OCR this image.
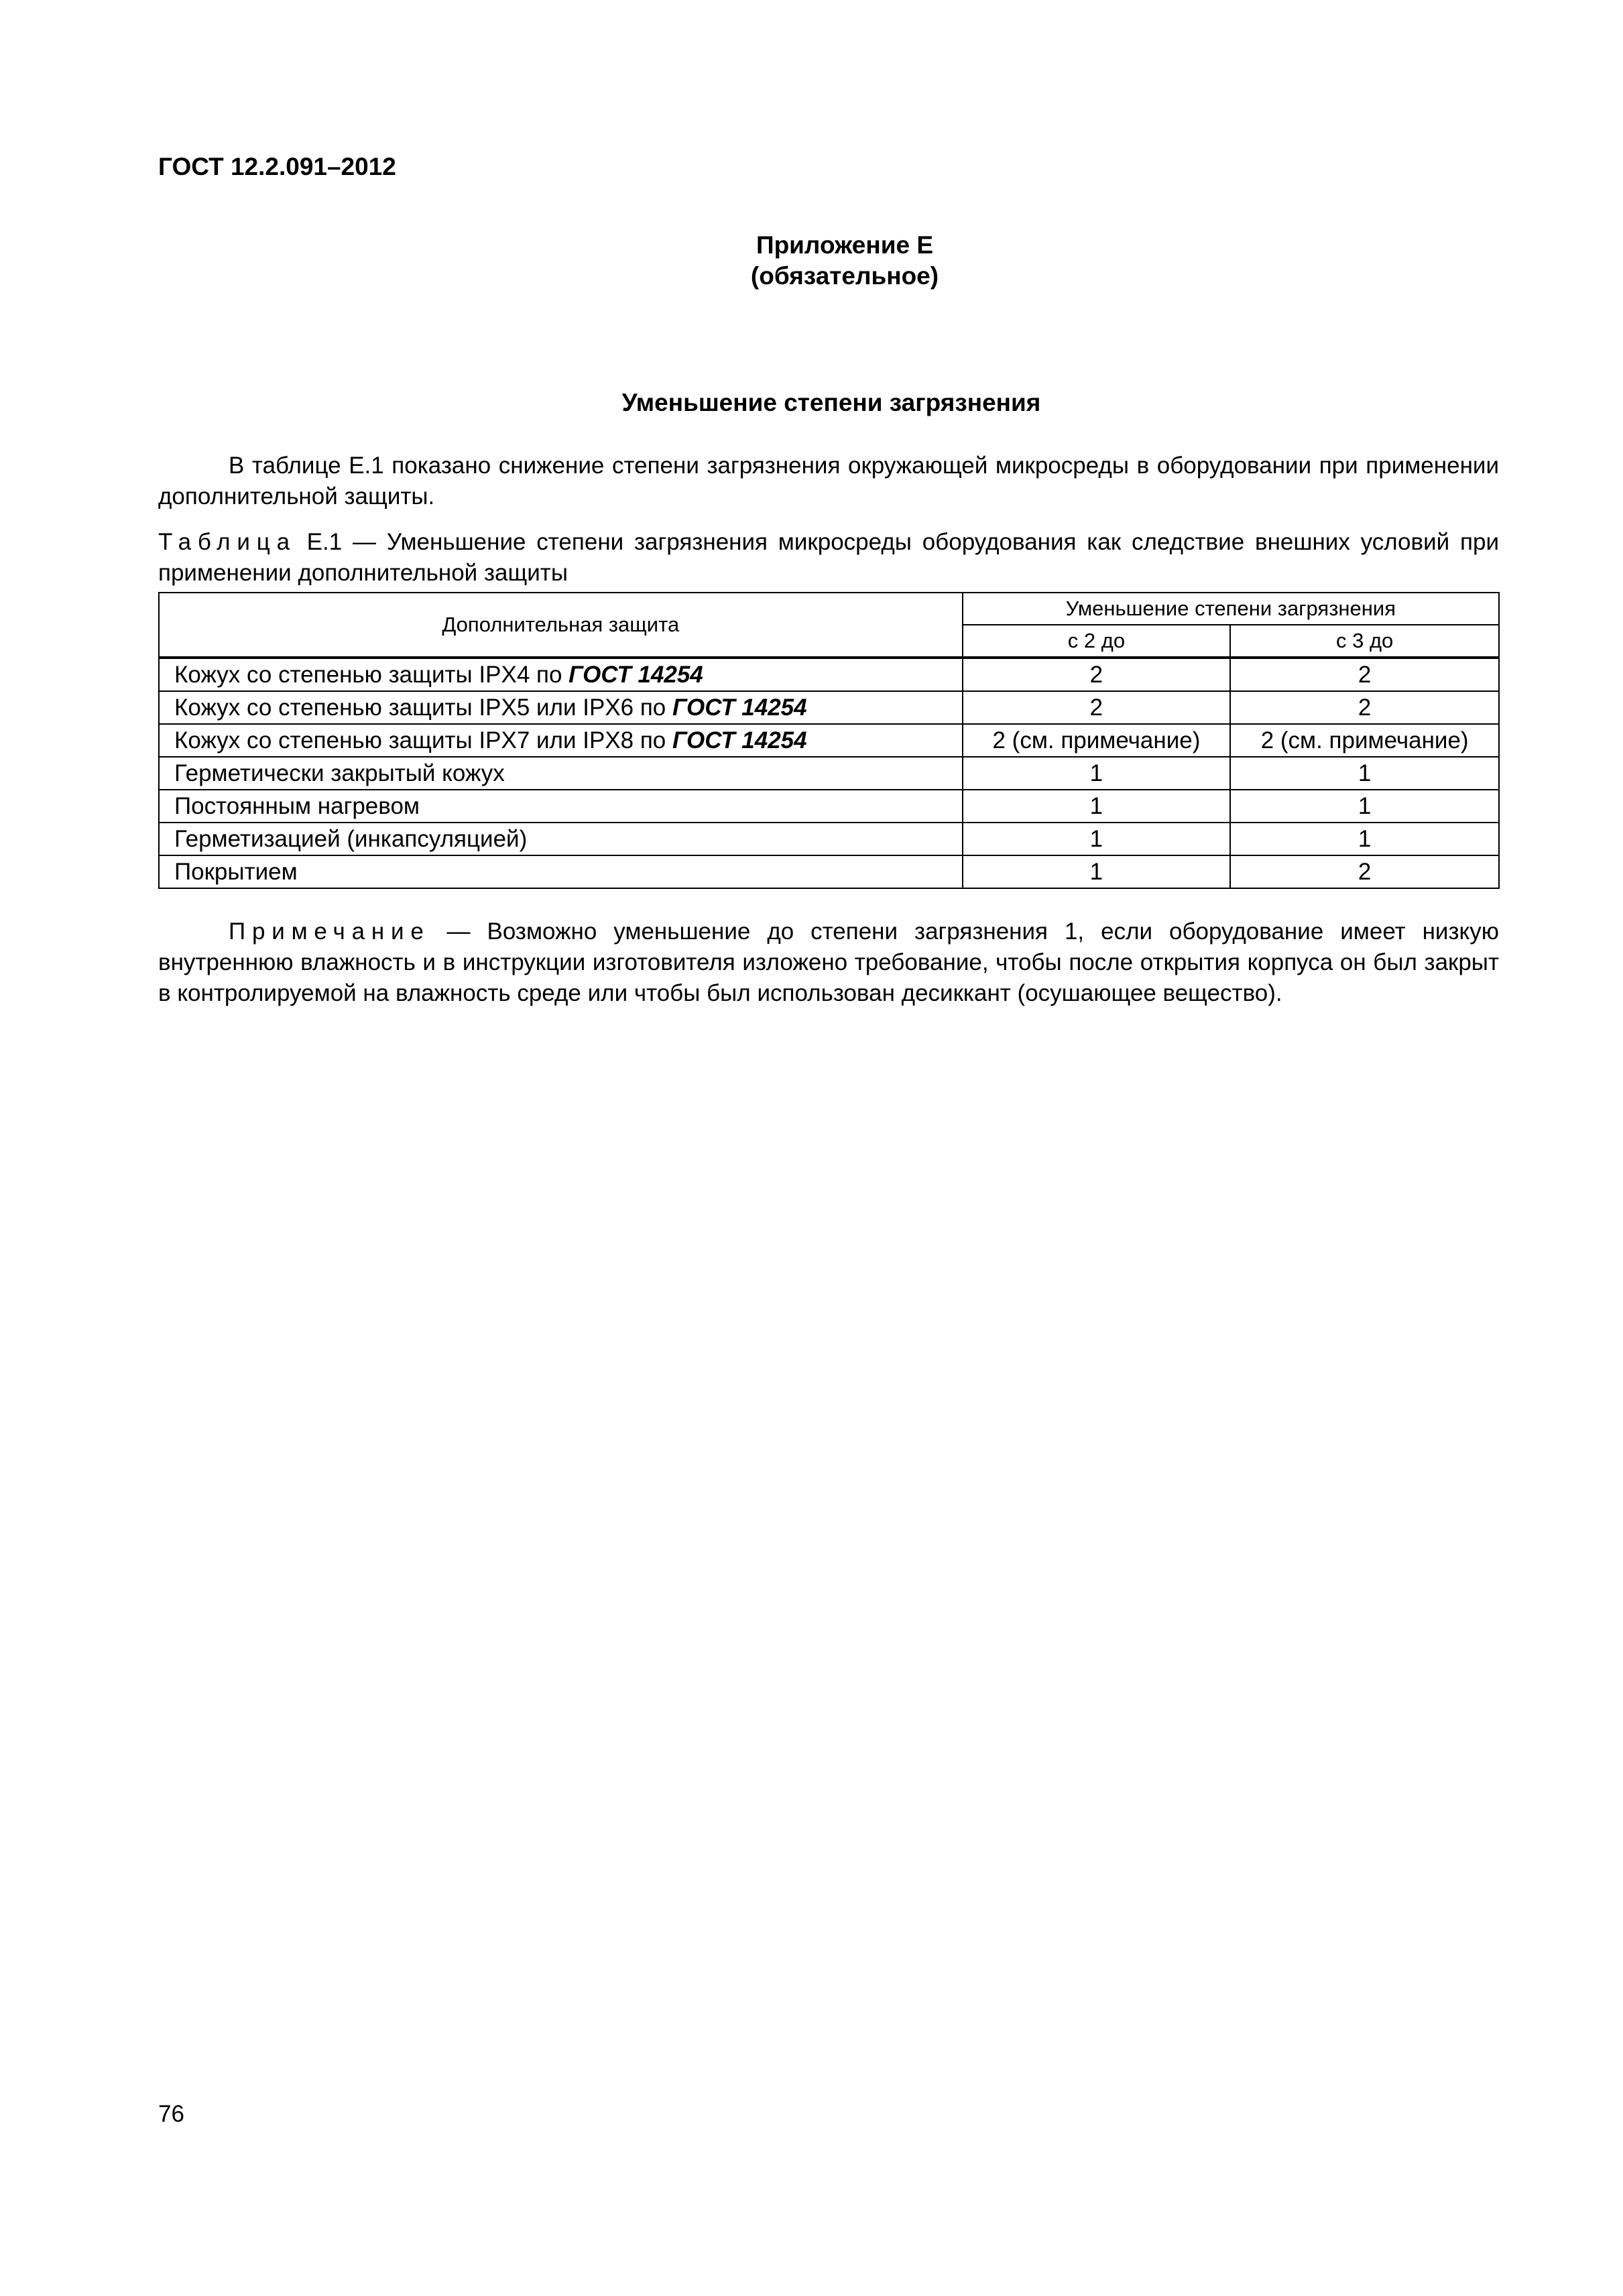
ГОСТ 12.2.091–2012
Приложение Е
(обязательное)
Уменьшение степени загрязнения
В таблице Е.1 показано снижение степени загрязнения окружающей микросреды в оборудовании при применении дополнительной защиты.
Таблица Е.1 — Уменьшение степени загрязнения микросреды оборудования как следствие внешних условий при применении дополнительной защиты
Дополнительная защита	Уменьшение степени загрязнения	
	с 2 до	с 3 до
Кожух со степенью защиты IPX4 по ГОСТ 14254	2	2
Кожух со степенью защиты IPX5 или IPX6 по ГОСТ 14254	2	2
Кожух со степенью защиты IPX7 или IPX8 по ГОСТ 14254	2 (см. примечание)	2 (см. примечание)
Герметически закрытый кожух	1	1
Постоянным нагревом	1	1
Герметизацией (инкапсуляцией)	1	1
Покрытием	1	2
Примечание — Возможно уменьшение до степени загрязнения 1, если оборудование имеет низкую внутреннюю влажность и в инструкции изготовителя изложено требование, чтобы после открытия корпуса он был закрыт в контролируемой на влажность среде или чтобы был использован десиккант (осушающее вещество).
76
